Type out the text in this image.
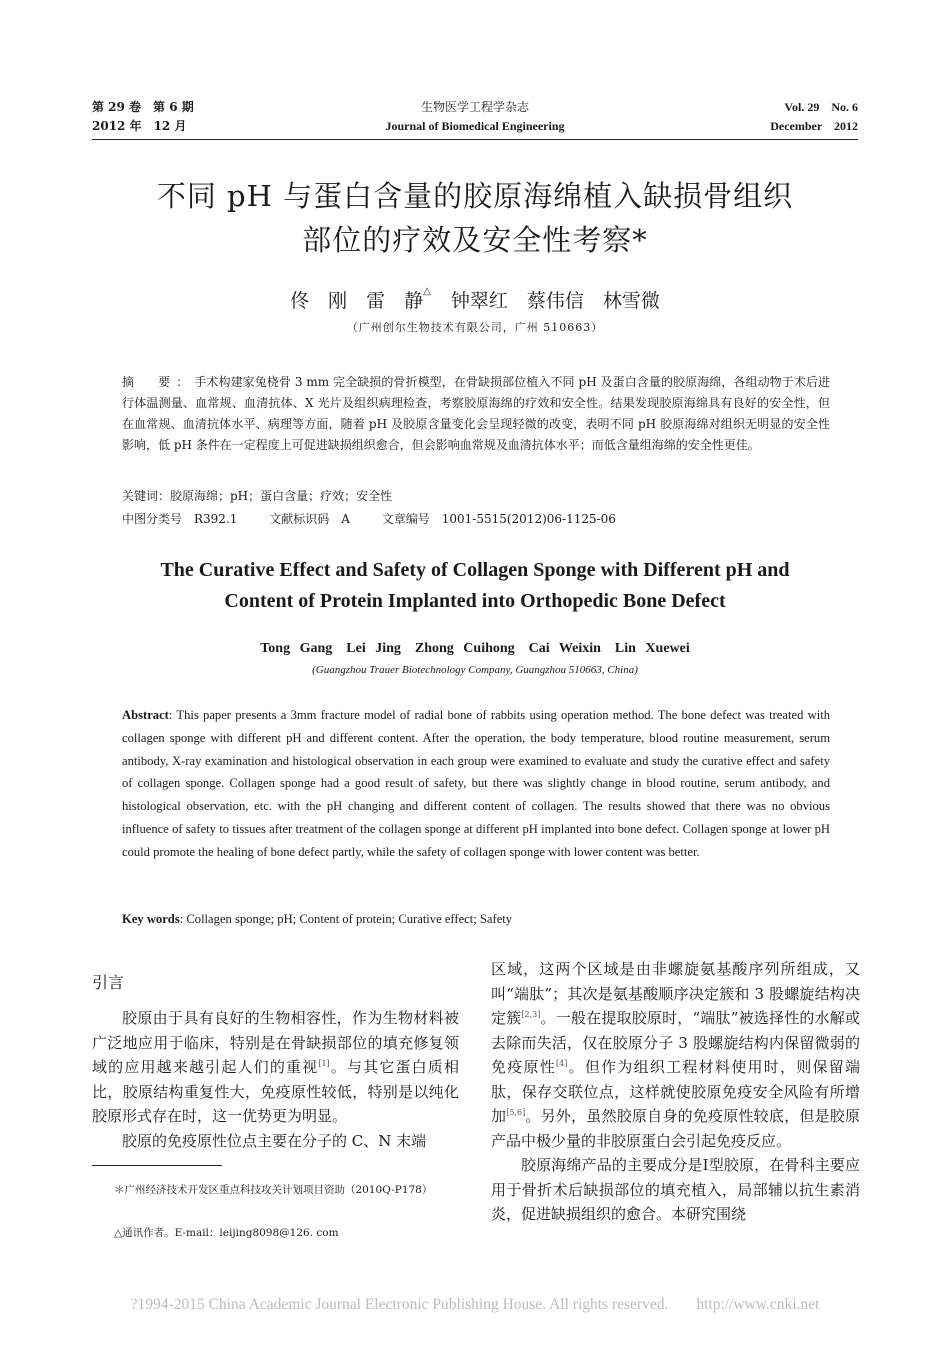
第 29 卷　第 6 期
2012 年　12 月
生物医学工程学杂志
Journal of Biomedical Engineering
Vol. 29　No. 6
December　2012
不同 pH 与蛋白含量的胶原海绵植入缺损骨组织
部位的疗效及安全性考察*
佟　刚　雷　静△ 钟翠红　蔡伟信　林雪微
（广州创尔生物技术有限公司，广州 510663）
摘　要：手术构建家兔桡骨 3 mm 完全缺损的骨折模型，在骨缺损部位植入不同 pH 及蛋白含量的胶原海绵，各组动物于术后进行体温测量、血常规、血清抗体、X 光片及组织病理检查，考察胶原海绵的疗效和安全性。结果发现胶原海绵具有良好的安全性，但在血常规、血清抗体水平、病理等方面，随着 pH 及胶原含量变化会呈现轻微的改变，表明不同 pH 胶原海绵对组织无明显的安全性影响，低 pH 条件在一定程度上可促进缺损组织愈合，但会影响血常规及血清抗体水平；而低含量组海绵的安全性更佳。
关键词：胶原海绵；pH；蛋白含量；疗效；安全性
中图分类号　R392.1	文献标识码　A	文章编号　1001-5515(2012)06-1125-06
The Curative Effect and Safety of Collagen Sponge with Different pH and
Content of Protein Implanted into Orthopedic Bone Defect
Tong Gang　Lei Jing　Zhong Cuihong　Cai Weixin　Lin Xuewei
(Guangzhou Trauer Biotechnology Company, Guangzhou 510663, China)
Abstract: This paper presents a 3mm fracture model of radial bone of rabbits using operation method. The bone defect was treated with collagen sponge with different pH and different content. After the operation, the body temperature, blood routine measurement, serum antibody, X-ray examination and histological observation in each group were examined to evaluate and study the curative effect and safety of collagen sponge. Collagen sponge had a good result of safety, but there was slightly change in blood routine, serum antibody, and histological observation, etc. with the pH changing and different content of collagen. The results showed that there was no obvious influence of safety to tissues after treatment of the collagen sponge at different pH implanted into bone defect. Collagen sponge at lower pH could promote the healing of bone defect partly, while the safety of collagen sponge with lower content was better.
Key words: Collagen sponge; pH; Content of protein; Curative effect; Safety
引言

胶原由于具有良好的生物相容性，作为生物材料被广泛地应用于临床，特别是在骨缺损部位的填充修复领域的应用越来越引起人们的重视[1]。与其它蛋白质相比，胶原结构重复性大，免疫原性较低，特别是以纯化胶原形式存在时，这一优势更为明显。

胶原的免疫原性位点主要在分子的 C、N 末端

区域，这两个区域是由非螺旋氨基酸序列所组成，又叫“端肽”；其次是氨基酸顺序决定簇和 3 股螺旋结构决定簇[2,3]。一般在提取胶原时，“端肽”被选择性的水解或去除而失活，仅在胶原分子 3 股螺旋结构内保留微弱的免疫原性[4]。但作为组织工程材料使用时，则保留端肽，保存交联位点，这样就使胶原免疫安全风险有所增加[5,6]。另外，虽然胶原自身的免疫原性较底，但是胶原产品中极少量的非胶原蛋白会引起免疫反应。

胶原海绵产品的主要成分是Ⅰ型胶原，在骨科主要应用于骨折术后缺损部位的填充植入，局部辅以抗生素消炎，促进缺损组织的愈合。本研究围绕

＊广州经济技术开发区重点科技攻关计划项目资助（2010Q-P178）
△通讯作者。E-mail：leijing8098@126. com
?1994-2015 China Academic Journal Electronic Publishing House. All rights reserved. http://www.cnki.net
